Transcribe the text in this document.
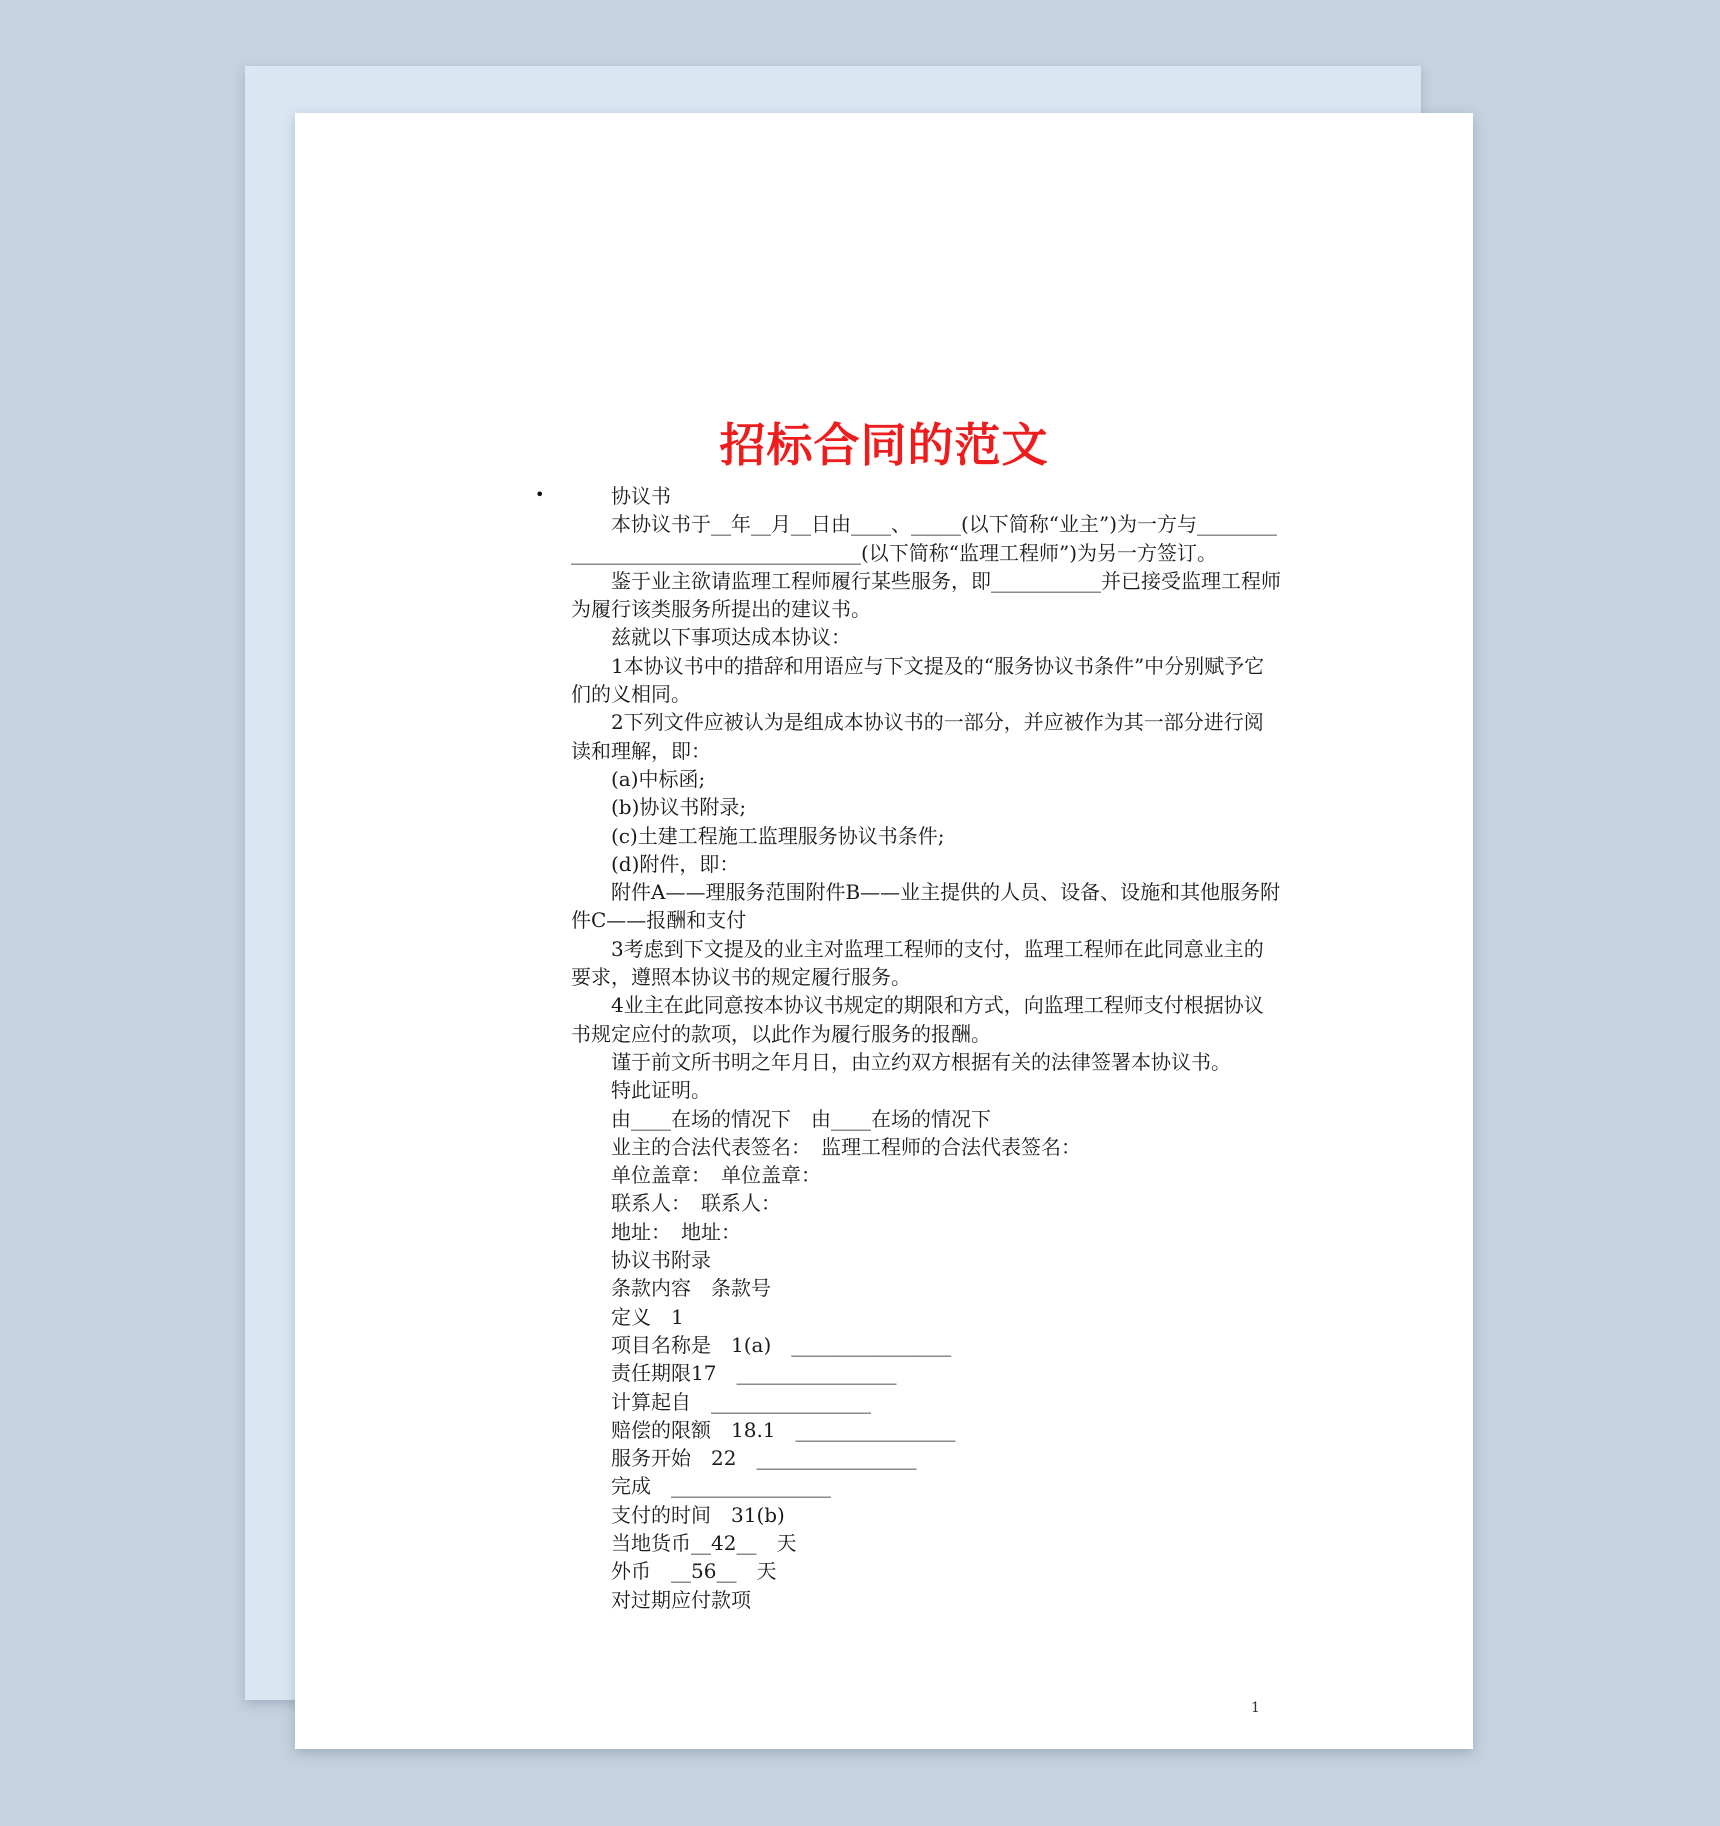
招标合同的范文
•	协议书

本协议书于__年__月__日由____、_____(以下简称“业主”)为一方与_____________________________________(以下简称“监理工程师”)为另一方签订。

鉴于业主欲请监理工程师履行某些服务，即___________并已接受监理工程师为履行该类服务所提出的建议书。

兹就以下事项达成本协议：

1本协议书中的措辞和用语应与下文提及的“服务协议书条件”中分别赋予它们的义相同。

2下列文件应被认为是组成本协议书的一部分，并应被作为其一部分进行阅读和理解，即：

(a)中标函;

(b)协议书附录;

(c)土建工程施工监理服务协议书条件;

(d)附件，即：

附件A——理服务范围附件B——业主提供的人员、设备、设施和其他服务附件C——报酬和支付

3考虑到下文提及的业主对监理工程师的支付，监理工程师在此同意业主的要求，遵照本协议书的规定履行服务。

4业主在此同意按本协议书规定的期限和方式，向监理工程师支付根据协议书规定应付的款项，以此作为履行服务的报酬。

谨于前文所书明之年月日，由立约双方根据有关的法律签署本协议书。

特此证明。

由____在场的情况下　由____在场的情况下

业主的合法代表签名：　监理工程师的合法代表签名：

单位盖章：　单位盖章：

联系人：　联系人：

地址：　地址：

协议书附录

条款内容　条款号

定义　1

项目名称是　1(a)　________________

责任期限17　________________

计算起自　________________

赔偿的限额　18.1　________________

服务开始　22　________________

完成　________________

支付的时间　31(b)

当地货币__42__　天

外币　__56__　天

对过期应付款项

1
